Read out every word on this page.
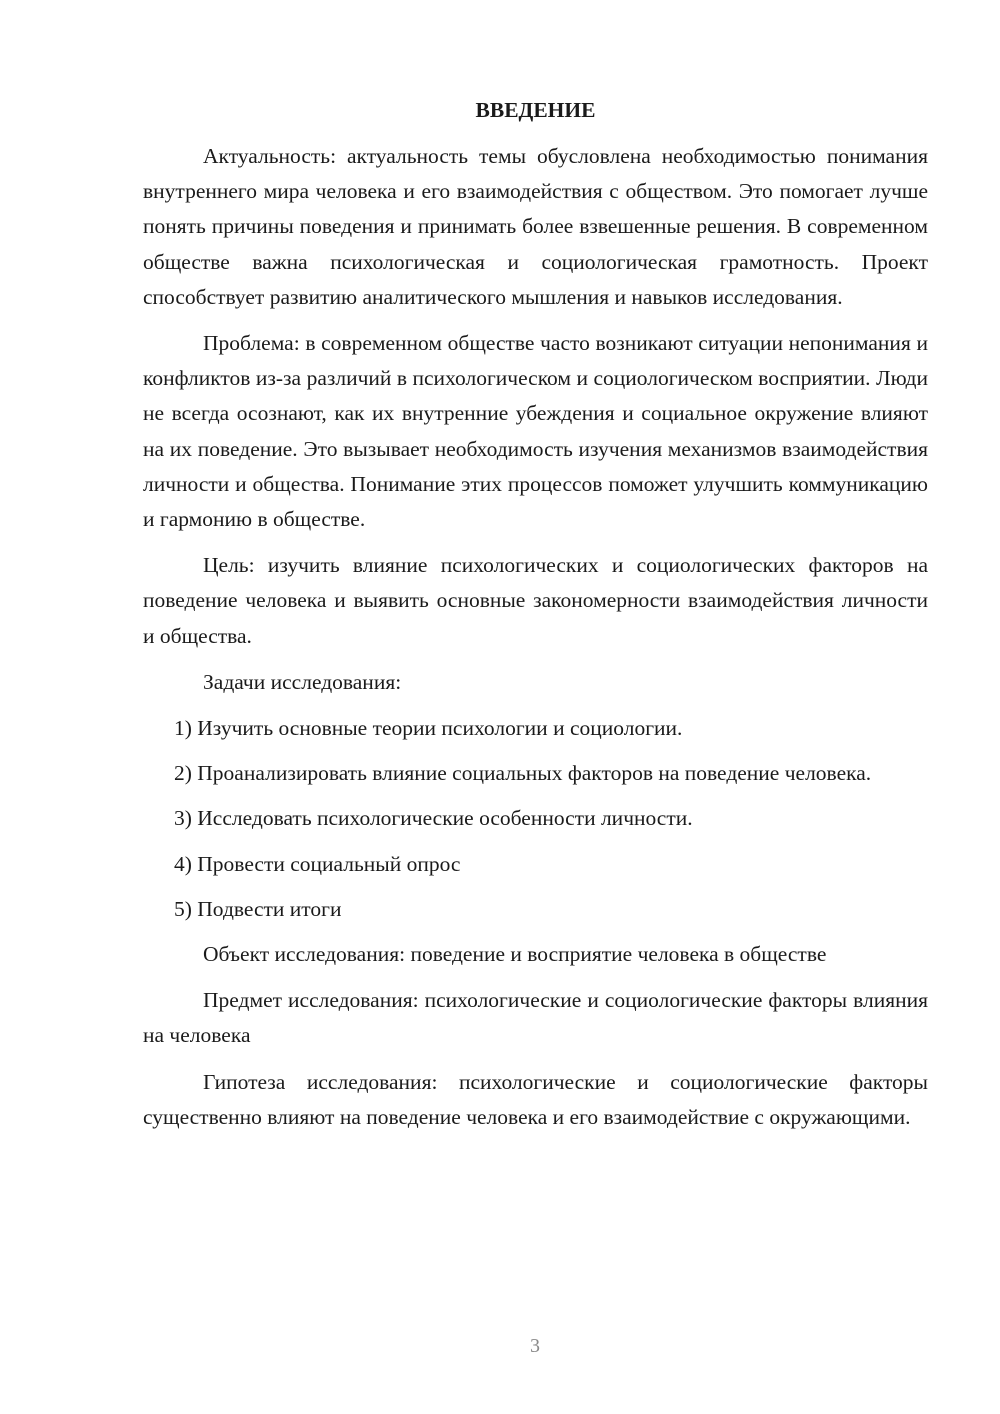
ВВЕДЕНИЕ

Актуальность: актуальность темы обусловлена необходимостью понимания внутреннего мира человека и его взаимодействия с обществом. Это помогает лучше понять причины поведения и принимать более взвешенные решения. В современном обществе важна психологическая и социологическая грамотность. Проект способствует развитию аналитического мышления и навыков исследования.

Проблема: в современном обществе часто возникают ситуации непонимания и конфликтов из-за различий в психологическом и социологическом восприятии. Люди не всегда осознают, как их внутренние убеждения и социальное окружение влияют на их поведение. Это вызывает необходимость изучения механизмов взаимодействия личности и общества. Понимание этих процессов поможет улучшить коммуникацию и гармонию в обществе.

Цель: изучить влияние психологических и социологических факторов на поведение человека и выявить основные закономерности взаимодействия личности и общества.

Задачи исследования:

1) Изучить основные теории психологии и социологии.

2) Проанализировать влияние социальных факторов на поведение человека.

3) Исследовать психологические особенности личности.

4) Провести социальный опрос

5) Подвести итоги

Объект исследования: поведение и восприятие человека в обществе

Предмет исследования: психологические и социологические факторы влияния на человека

Гипотеза исследования: психологические и социологические факторы существенно влияют на поведение человека и его взаимодействие с окружающими.

3
